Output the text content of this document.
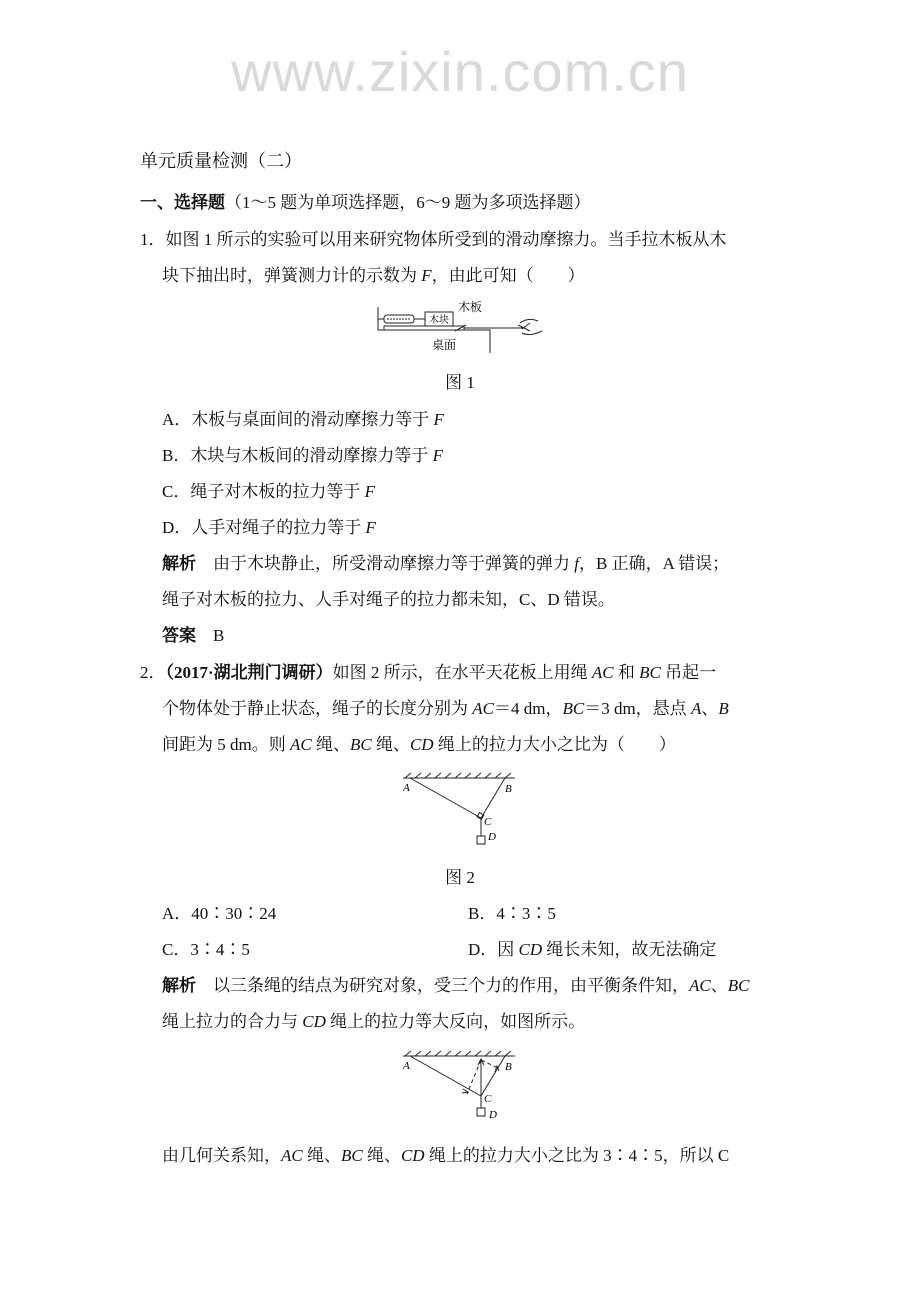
www.zixin.com.cn
单元质量检测（二）
一、选择题（1～5 题为单项选择题，6～9 题为多项选择题）
1．如图 1 所示的实验可以用来研究物体所受到的滑动摩擦力。当手拉木板从木
块下抽出时，弹簧测力计的示数为 F，由此可知（　　）
木块
木板
桌面
图 1
A．木板与桌面间的滑动摩擦力等于 F
B．木块与木板间的滑动摩擦力等于 F
C．绳子对木板的拉力等于 F
D．人手对绳子的拉力等于 F
解析　由于木块静止，所受滑动摩擦力等于弹簧的弹力 f，B 正确，A 错误；
绳子对木板的拉力、人手对绳子的拉力都未知，C、D 错误。
答案　B
2．（2017·湖北荆门调研）如图 2 所示，在水平天花板上用绳 AC 和 BC 吊起一
个物体处于静止状态，绳子的长度分别为 AC＝4 dm，BC＝3 dm，悬点 A、B
间距为 5 dm。则 AC 绳、BC 绳、CD 绳上的拉力大小之比为（　　）
A	B
C
D
图 2
A．40∶30∶24	B．4∶3∶5
C．3∶4∶5	D．因 CD 绳长未知，故无法确定
解析　以三条绳的结点为研究对象，受三个力的作用，由平衡条件知，AC、BC
绳上拉力的合力与 CD 绳上的拉力等大反向，如图所示。
A	B
C
D
由几何关系知，AC 绳、BC 绳、CD 绳上的拉力大小之比为 3∶4∶5，所以 C
